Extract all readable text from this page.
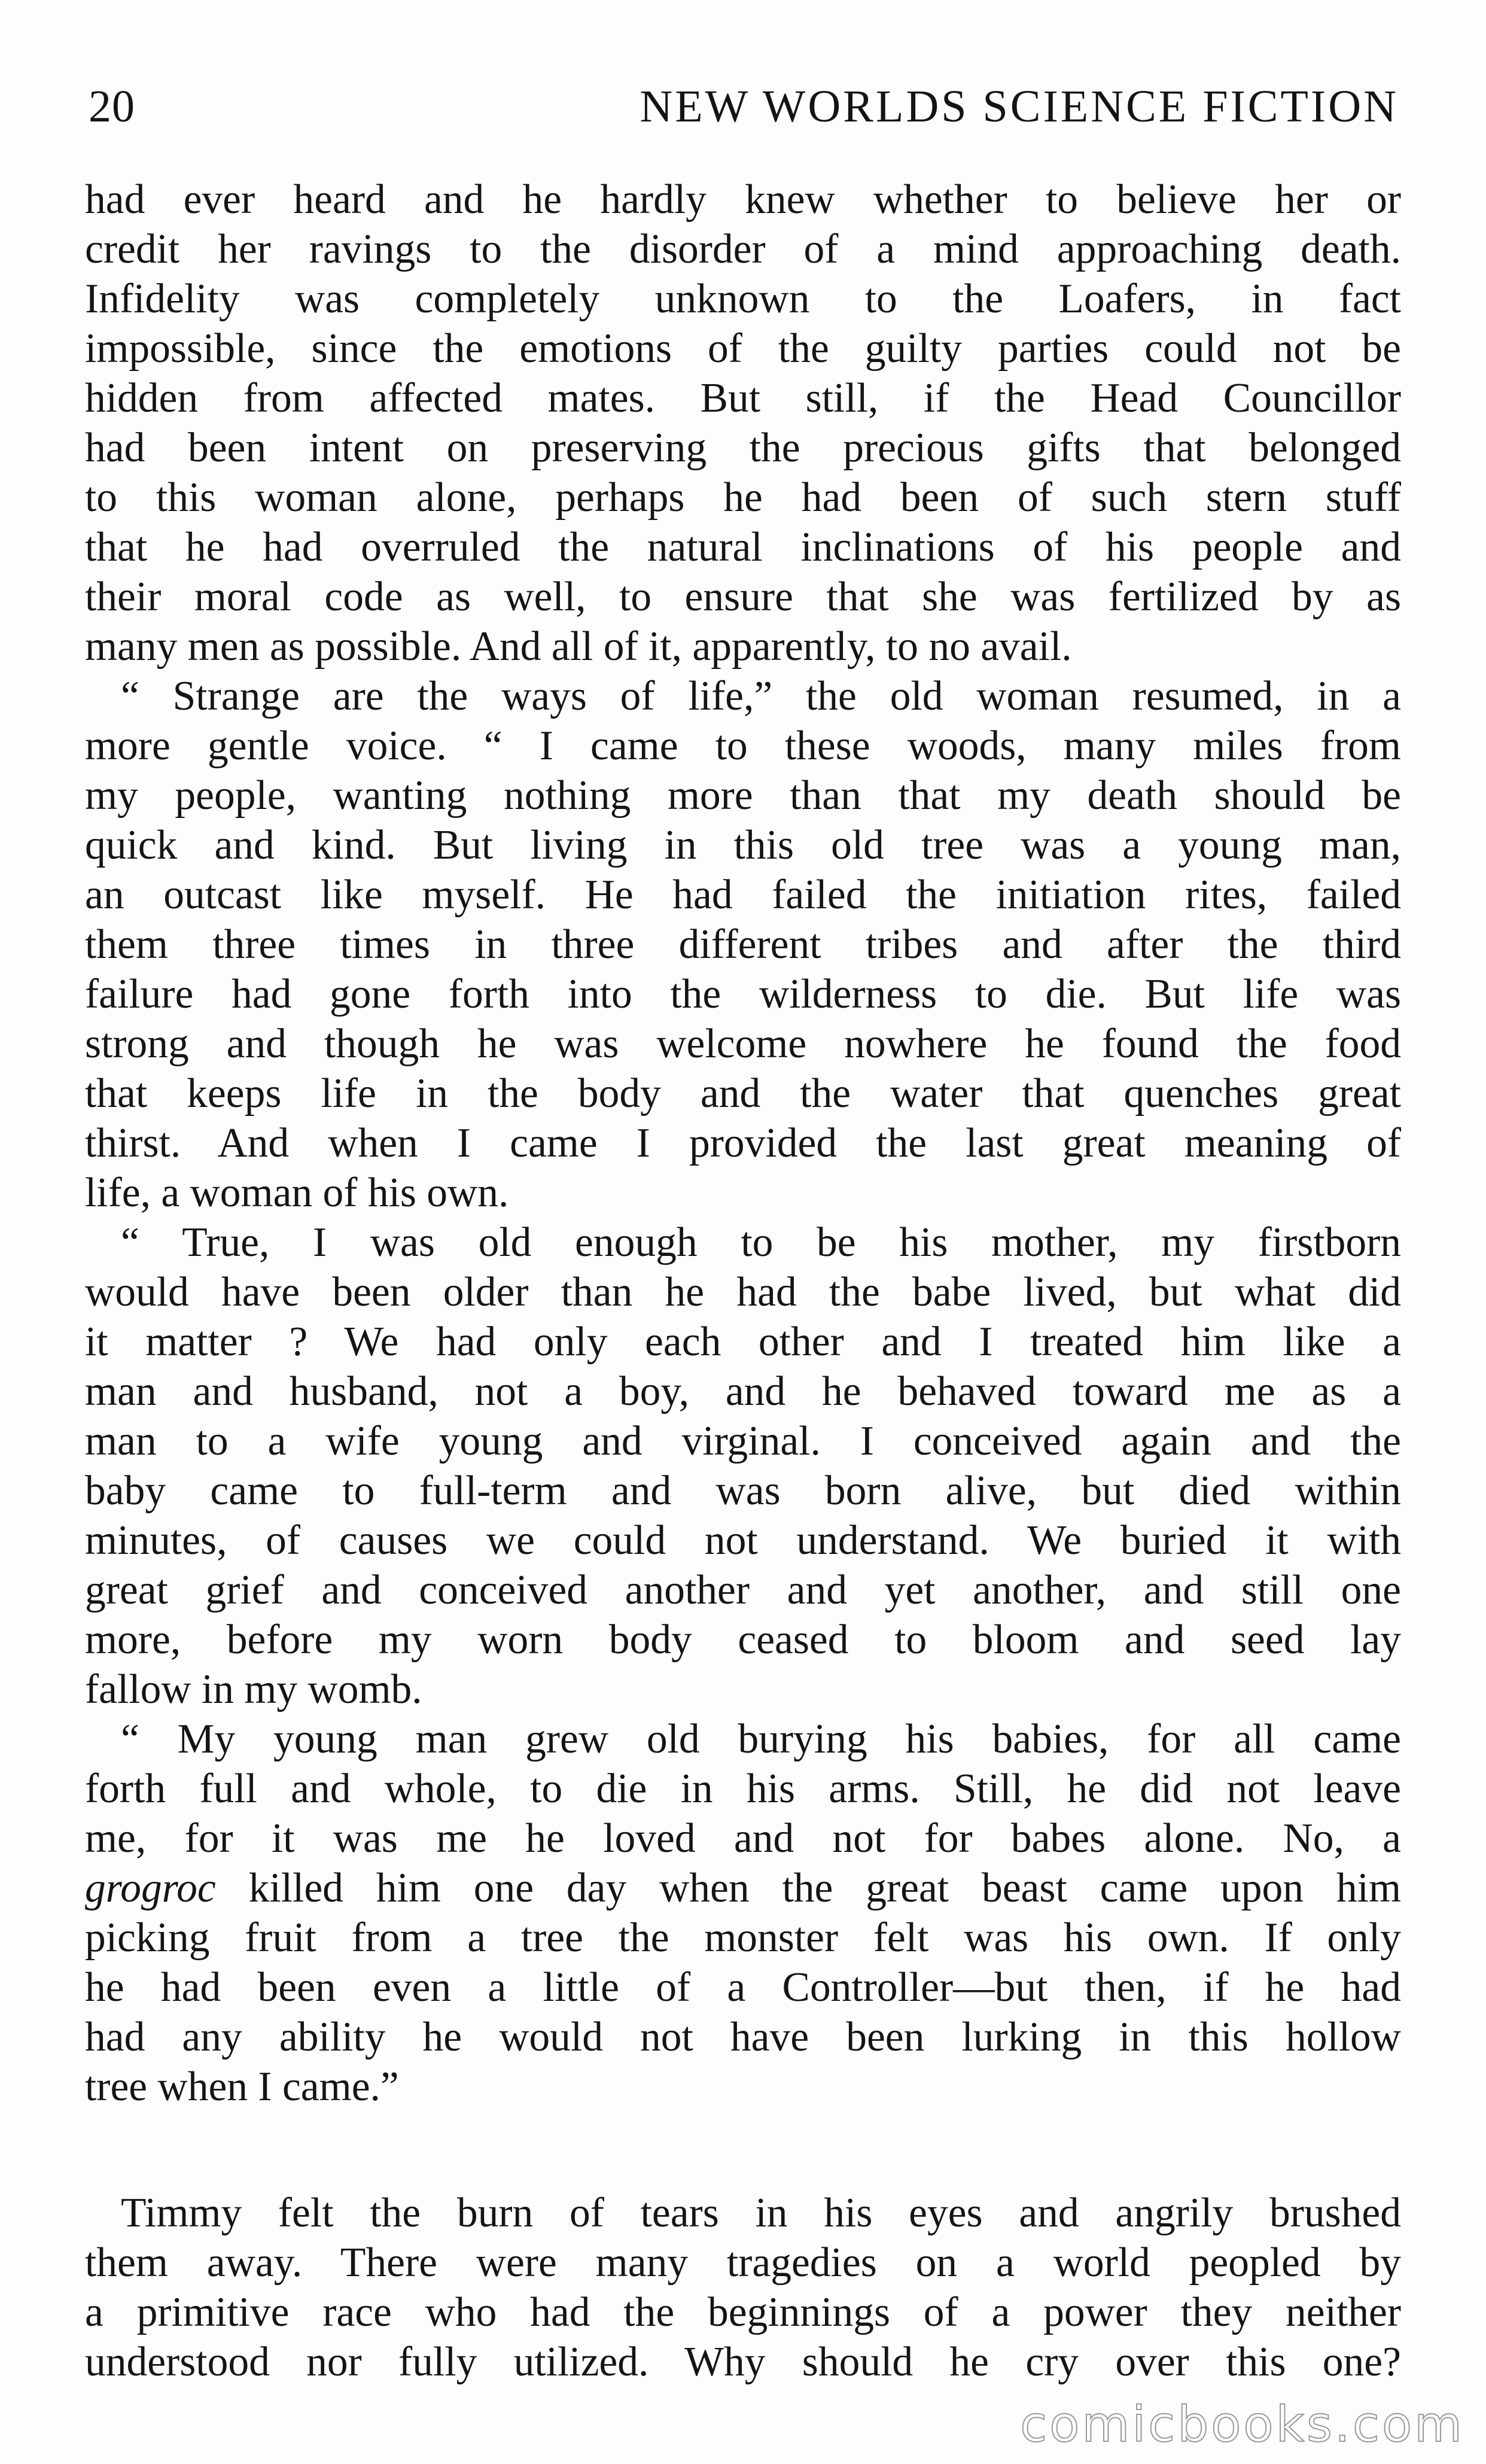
20	NEW WORLDS SCIENCE FICTION
had ever heard and he hardly knew whether to believe her or
credit her ravings to the disorder of a mind approaching death.
Infidelity was completely unknown to the Loafers, in fact
impossible, since the emotions of the guilty parties could not be
hidden from affected mates. But still, if the Head Councillor
had been intent on preserving the precious gifts that belonged
to this woman alone, perhaps he had been of such stern stuff
that he had overruled the natural inclinations of his people and
their moral code as well, to ensure that she was fertilized by as
many men as possible. And all of it, apparently, to no avail.
“ Strange are the ways of life,” the old woman resumed, in a
more gentle voice. “ I came to these woods, many miles from
my people, wanting nothing more than that my death should be
quick and kind. But living in this old tree was a young man,
an outcast like myself. He had failed the initiation rites, failed
them three times in three different tribes and after the third
failure had gone forth into the wilderness to die. But life was
strong and though he was welcome nowhere he found the food
that keeps life in the body and the water that quenches great
thirst. And when I came I provided the last great meaning of
life, a woman of his own.
“ True, I was old enough to be his mother, my firstborn
would have been older than he had the babe lived, but what did
it matter ? We had only each other and I treated him like a
man and husband, not a boy, and he behaved toward me as a
man to a wife young and virginal. I conceived again and the
baby came to full-term and was born alive, but died within
minutes, of causes we could not understand. We buried it with
great grief and conceived another and yet another, and still one
more, before my worn body ceased to bloom and seed lay
fallow in my womb.
“ My young man grew old burying his babies, for all came
forth full and whole, to die in his arms. Still, he did not leave
me, for it was me he loved and not for babes alone. No, a
grogroc killed him one day when the great beast came upon him
picking fruit from a tree the monster felt was his own. If only
he had been even a little of a Controller—but then, if he had
had any ability he would not have been lurking in this hollow
tree when I came.”
Timmy felt the burn of tears in his eyes and angrily brushed
them away. There were many tragedies on a world peopled by
a primitive race who had the beginnings of a power they neither
understood nor fully utilized. Why should he cry over this one?
comicbooks.com
